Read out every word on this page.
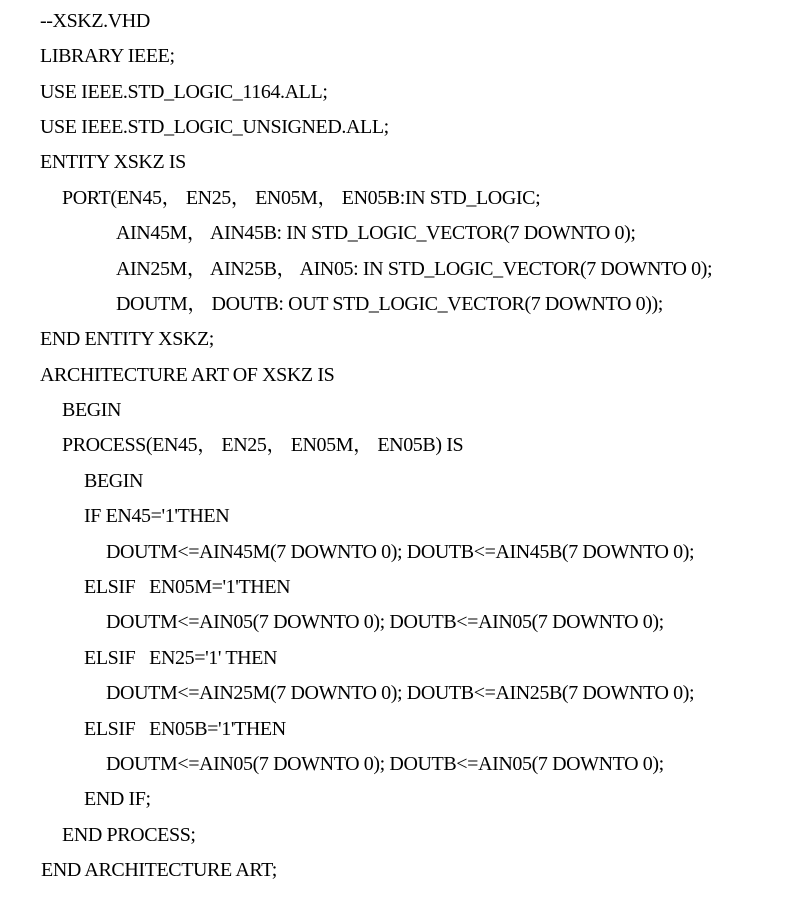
--XSKZ.VHD
LIBRARY IEEE;
USE IEEE.STD_LOGIC_1164.ALL;
USE IEEE.STD_LOGIC_UNSIGNED.ALL;
ENTITY XSKZ IS
PORT(EN45， EN25， EN05M， EN05B:IN STD_LOGIC;
AIN45M， AIN45B: IN STD_LOGIC_VECTOR(7 DOWNTO 0);
AIN25M， AIN25B， AIN05: IN STD_LOGIC_VECTOR(7 DOWNTO 0);
DOUTM， DOUTB: OUT STD_LOGIC_VECTOR(7 DOWNTO 0));
END ENTITY XSKZ;
ARCHITECTURE ART OF XSKZ IS
BEGIN
PROCESS(EN45， EN25， EN05M， EN05B) IS
BEGIN
IF EN45='1'THEN
DOUTM<=AIN45M(7 DOWNTO 0); DOUTB<=AIN45B(7 DOWNTO 0);
ELSIF   EN05M='1'THEN
DOUTM<=AIN05(7 DOWNTO 0); DOUTB<=AIN05(7 DOWNTO 0);
ELSIF   EN25='1' THEN
DOUTM<=AIN25M(7 DOWNTO 0); DOUTB<=AIN25B(7 DOWNTO 0);
ELSIF   EN05B='1'THEN
DOUTM<=AIN05(7 DOWNTO 0); DOUTB<=AIN05(7 DOWNTO 0);
END IF;
END PROCESS;
END ARCHITECTURE ART;
